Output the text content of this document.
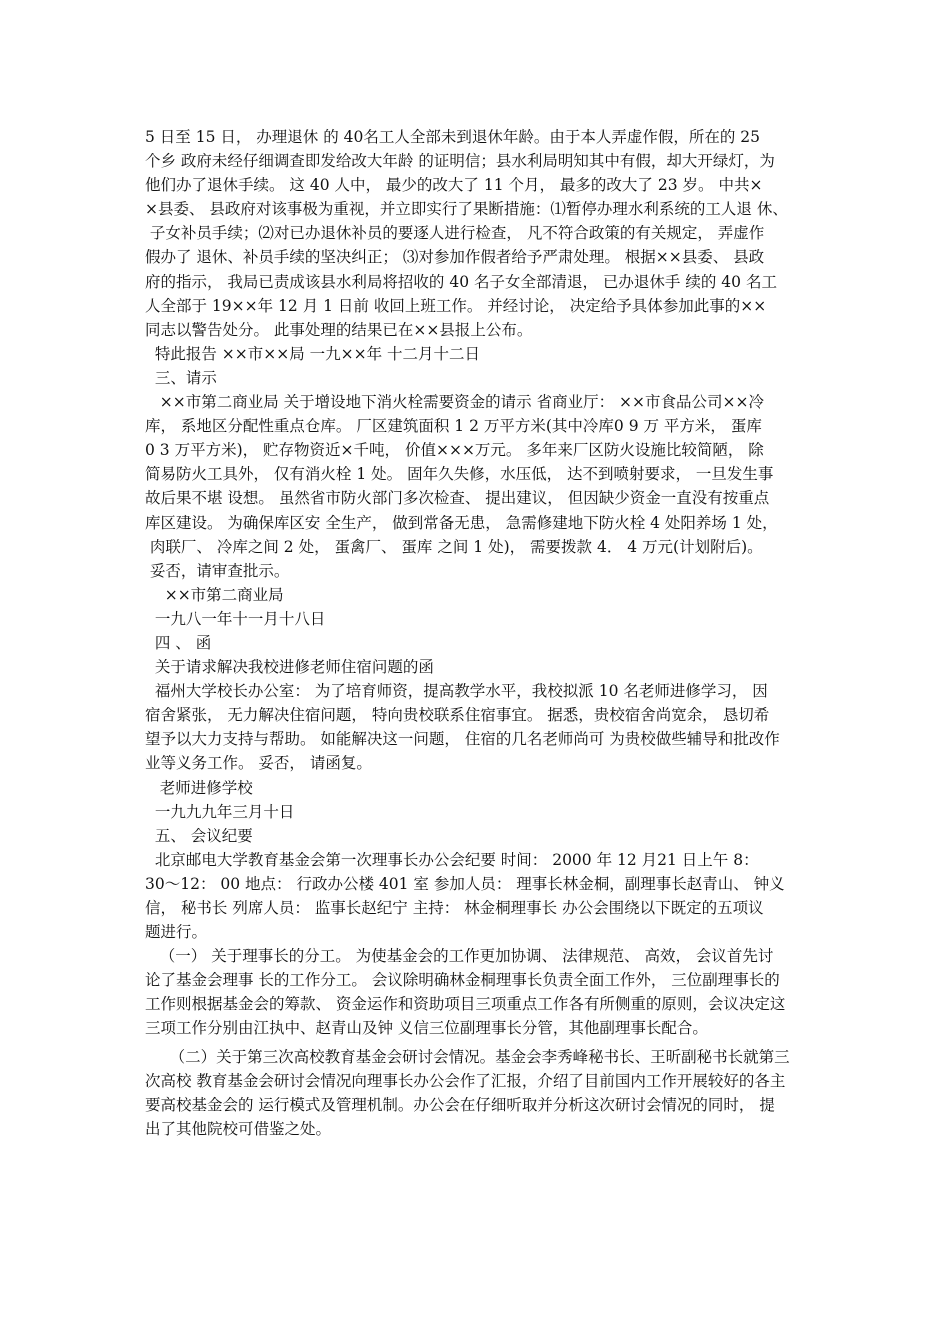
5 日至 15 日， 办理退休 的 40名工人全部未到退休年龄。由于本人弄虚作假，所在的 25
个乡 政府未经仔细调查即发给改大年龄 的证明信；县水利局明知其中有假，却大开绿灯，为
他们办了退休手续。 这 40 人中， 最少的改大了 11 个月， 最多的改大了 23 岁。 中共×
×县委、 县政府对该事极为重视，并立即实行了果断措施：⑴暂停办理水利系统的工人退 休、
子女补员手续；⑵对已办退休补员的要逐人进行检查， 凡不符合政策的有关规定， 弄虚作
假办了 退休、补员手续的坚决纠正； ⑶对参加作假者给予严肃处理。 根据××县委、 县政
府的指示， 我局已责成该县水利局将招收的 40 名子女全部清退， 已办退休手 续的 40 名工
人全部于 19××年 12 月 1 日前 收回上班工作。 并经讨论， 决定给予具体参加此事的××
同志以警告处分。 此事处理的结果已在××县报上公布。
特此报告 ××市××局 一九××年 十二月十二日
三、请示
××市第二商业局 关于增设地下消火栓需要资金的请示 省商业厅： ××市食品公司××冷
库， 系地区分配性重点仓库。 厂区建筑面积 1 2 万平方米(其中冷库0 9 万 平方米， 蛋库
0 3 万平方米)， 贮存物资近×千吨， 价值×××万元。 多年来厂区防火设施比较简陋， 除
简易防火工具外， 仅有消火栓 1 处。 固年久失修，水压低， 达不到喷射要求， 一旦发生事
故后果不堪 设想。 虽然省市防火部门多次检查、 提出建议， 但因缺少资金一直没有按重点
库区建设。 为确保库区安 全生产， 做到常备无患， 急需修建地下防火栓 4 处阳养场 1 处，
肉联厂、 冷库之间 2 处， 蛋禽厂、 蛋库 之间 1 处)， 需要拨款 4． 4 万元(计划附后)。
妥否，请审查批示。
××市第二商业局
一九八一年十一月十八日
四 、 函
关于请求解决我校进修老师住宿问题的函
福州大学校长办公室： 为了培育师资，提高教学水平，我校拟派 10 名老师进修学习， 因
宿舍紧张， 无力解决住宿问题， 特向贵校联系住宿事宜。 据悉，贵校宿舍尚宽余， 恳切希
望予以大力支持与帮助。 如能解决这一问题， 住宿的几名老师尚可 为贵校做些辅导和批改作
业等义务工作。 妥否， 请函复。
老师进修学校
一九九九年三月十日
五、 会议纪要
北京邮电大学教育基金会第一次理事长办公会纪要 时间： 2000 年 12 月21 日上午 8：
30～12： 00 地点： 行政办公楼 401 室 参加人员： 理事长林金桐，副理事长赵青山、 钟义
信， 秘书长 列席人员： 监事长赵纪宁 主持： 林金桐理事长 办公会围绕以下既定的五项议
题进行。
（一） 关于理事长的分工。 为使基金会的工作更加协调、 法律规范、 高效， 会议首先讨
论了基金会理事 长的工作分工。 会议除明确林金桐理事长负责全面工作外， 三位副理事长的
工作则根据基金会的筹款、 资金运作和资助项目三项重点工作各有所侧重的原则，会议决定这
三项工作分别由江执中、赵青山及钟 义信三位副理事长分管，其他副理事长配合。
（二）关于第三次高校教育基金会研讨会情况。基金会李秀峰秘书长、王昕副秘书长就第三
次高校 教育基金会研讨会情况向理事长办公会作了汇报，介绍了目前国内工作开展较好的各主
要高校基金会的 运行模式及管理机制。办公会在仔细听取并分析这次研讨会情况的同时， 提
出了其他院校可借鉴之处。
